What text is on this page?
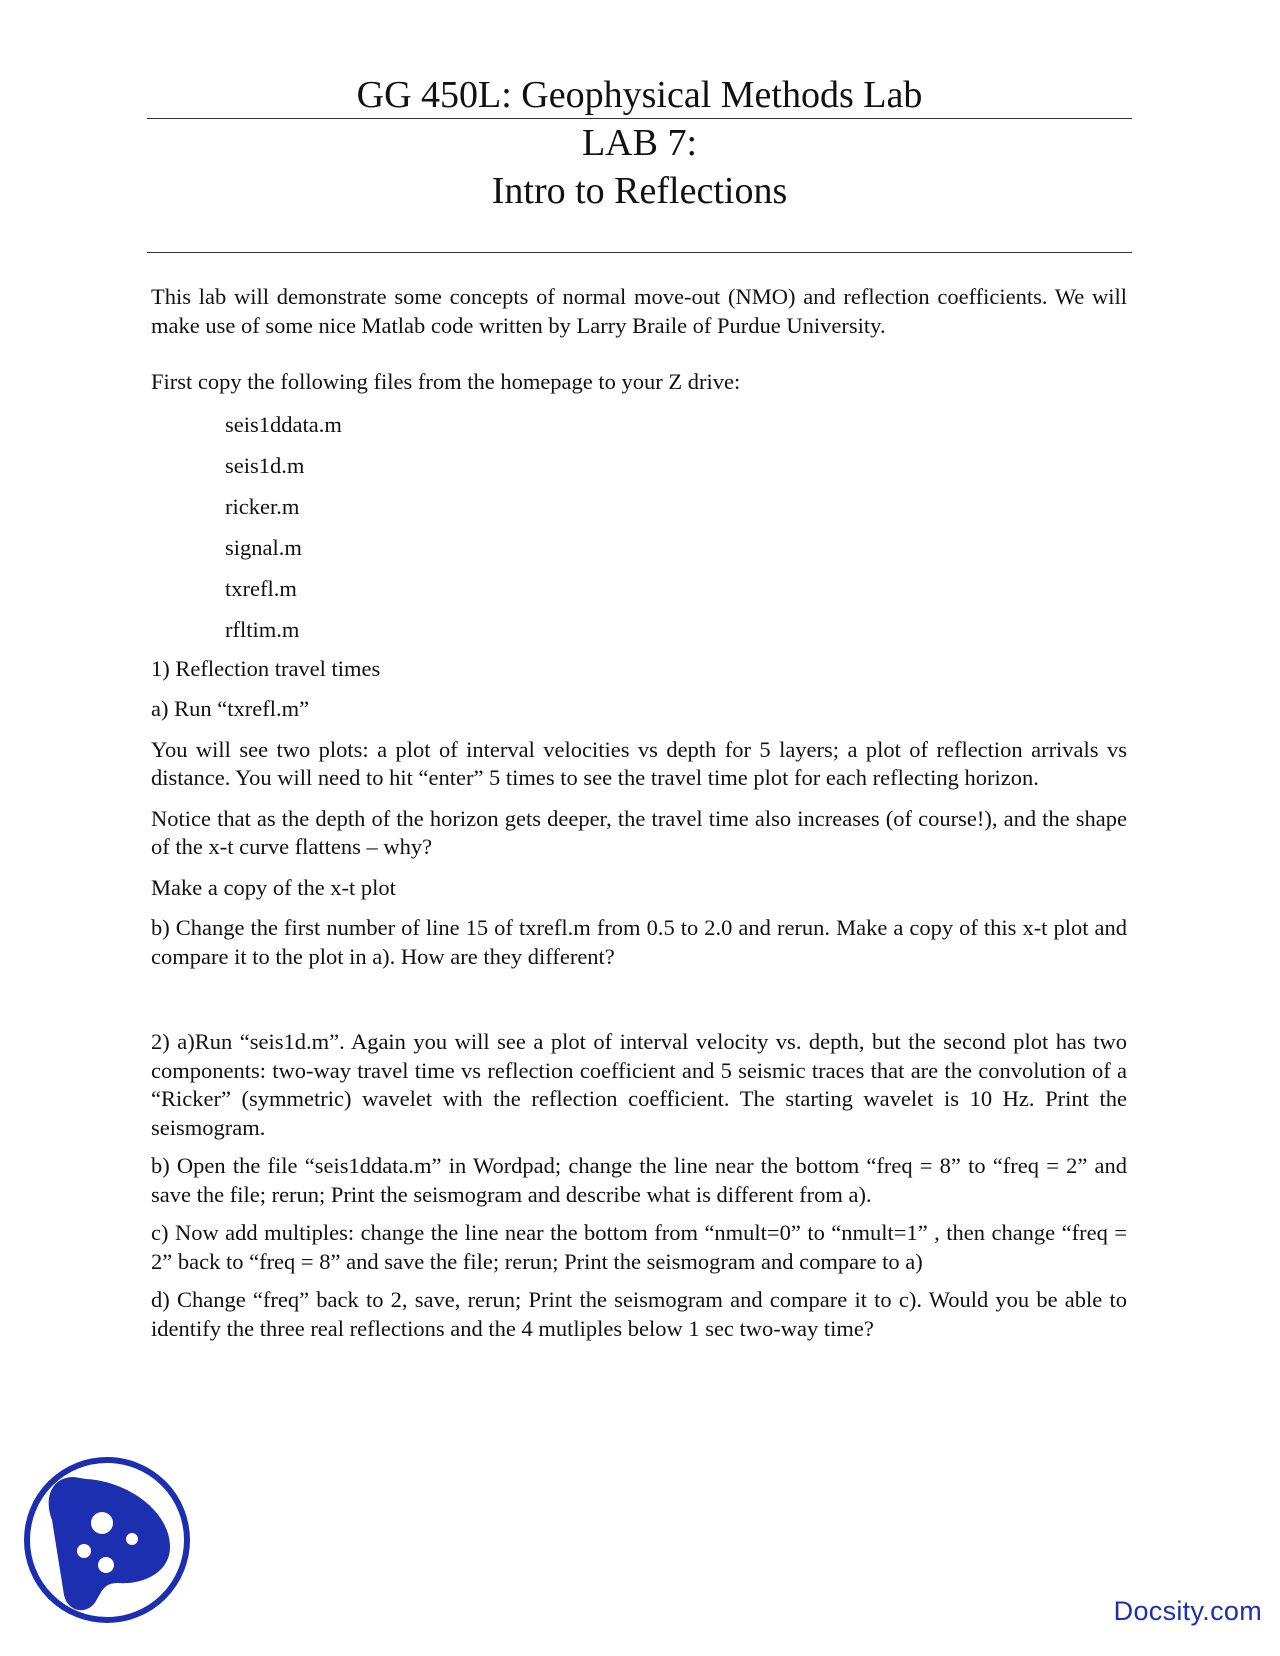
GG 450L: Geophysical Methods Lab
LAB 7:
Intro to Reflections

This lab will demonstrate some concepts of normal move-out (NMO) and reflection coefficients. We will make use of some nice Matlab code written by Larry Braile of Purdue University.

First copy the following files from the homepage to your Z drive:

seis1ddata.m
seis1d.m
ricker.m
signal.m
txrefl.m
rfltim.m

1) Reflection travel times

a) Run “txrefl.m”

You will see two plots: a plot of interval velocities vs depth for 5 layers; a plot of reflection arrivals vs distance. You will need to hit “enter” 5 times to see the travel time plot for each reflecting horizon.

Notice that as the depth of the horizon gets deeper, the travel time also increases (of course!), and the shape of the x-t curve flattens – why?

Make a copy of the x-t plot

b) Change the first number of line 15 of txrefl.m from 0.5 to 2.0 and rerun. Make a copy of this x-t plot and compare it to the plot in a). How are they different?

2) a)Run “seis1d.m”. Again you will see a plot of interval velocity vs. depth, but the second plot has two components: two-way travel time vs reflection coefficient and 5 seismic traces that are the convolution of a “Ricker” (symmetric) wavelet with the reflection coefficient. The starting wavelet is 10 Hz. Print the seismogram.

b) Open the file “seis1ddata.m” in Wordpad; change the line near the bottom “freq = 8” to “freq = 2” and save the file; rerun; Print the seismogram and describe what is different from a).

c) Now add multiples: change the line near the bottom from “nmult=0” to “nmult=1” , then change “freq = 2” back to “freq = 8” and save the file; rerun; Print the seismogram and compare to a)

d) Change “freq” back to 2, save, rerun; Print the seismogram and compare it to c). Would you be able to identify the three real reflections and the 4 mutliples below 1 sec two-way time?

Docsity.com
